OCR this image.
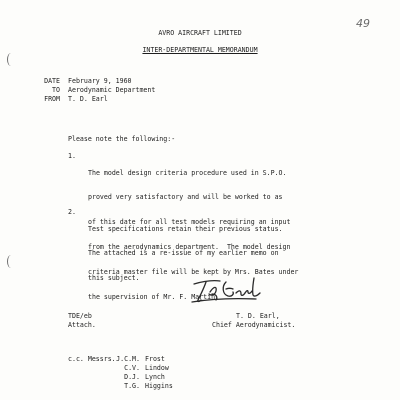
49
AVRO AIRCRAFT LIMITED
INTER-DEPARTMENTAL MEMORANDUM
DATE February 9, 1960
TO Aerodynamic Department
FROM T. D. Earl
Please note the following:-
1.

The model design criteria procedure used in S.P.O.

proved very satisfactory and will be worked to as

of this date for all test models requiring an input

from the aerodynamics department.  The model design

criteria master file will be kept by Mrs. Bates under

the supervision of Mr. F. Martin.

2.

Test specifications retain their previous status.

The attached is a re-issue of my earlier memo on

this subject.

T. D. Earl,
Chief Aerodynamicist.
TDE/eb
Attach.
c.c. Messrs. J.C.M. Frost
C.V. Lindow
D.J. Lynch
T.G. Higgins
